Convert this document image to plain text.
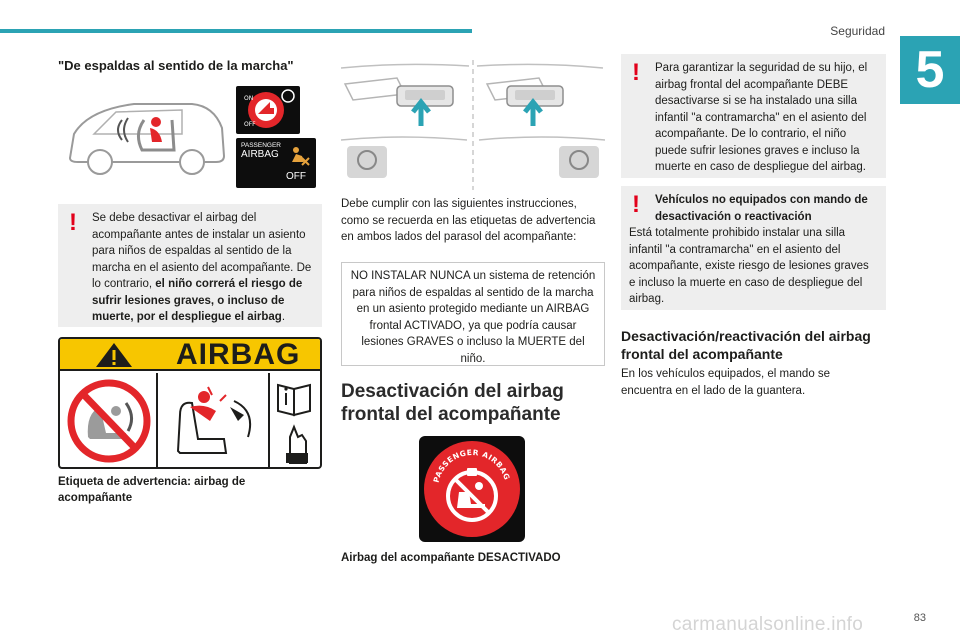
Seguridad
5
"De espaldas al sentido de la marcha"
ON
OFF
PASSENGER
AIRBAG
OFF
!	Se debe desactivar el airbag del acompañante antes de instalar un asiento para niños de espaldas al sentido de la marcha en el asiento del acompañante. De lo contrario, el niño correrá el riesgo de sufrir lesiones graves, o incluso de muerte, por el despliegue el airbag.
AIRBAG
Etiqueta de advertencia: airbag de acompañante
Debe cumplir con las siguientes instrucciones, como se recuerda en las etiquetas de advertencia en ambos lados del parasol del acompañante:
NO INSTALAR NUNCA un sistema de retención para niños de espaldas al sentido de la marcha en un asiento protegido mediante un AIRBAG frontal ACTIVADO, ya que podría causar lesiones GRAVES o incluso la MUERTE del niño.
Desactivación del airbag frontal del acompañante
PASSENGER AIRBAG
Airbag del acompañante DESACTIVADO
!	Para garantizar la seguridad de su hijo, el airbag frontal del acompañante DEBE desactivarse si se ha instalado una silla infantil "a contramarcha" en el asiento del acompañante. De lo contrario, el niño puede sufrir lesiones graves e incluso la muerte en caso de despliegue del airbag.
!	Vehículos no equipados con mando de desactivación o reactivación
Está totalmente prohibido instalar una silla infantil "a contramarcha" en el asiento del acompañante, existe riesgo de lesiones graves e incluso la muerte en caso de despliegue del airbag.
Desactivación/reactivación del airbag frontal del acompañante
En los vehículos equipados, el mando se encuentra en el lado de la guantera.
carmanualsonline.info	83
